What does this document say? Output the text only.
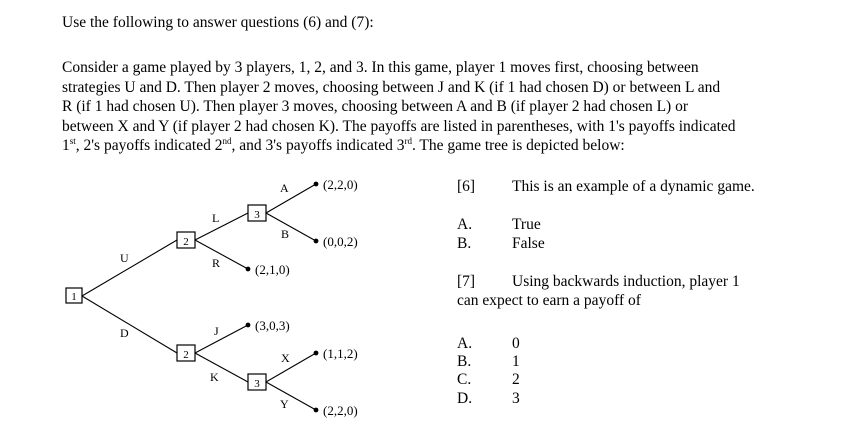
Use the following to answer questions (6) and (7):

Consider a game played by 3 players, 1, 2, and 3. In this game, player 1 moves first, choosing between

strategies U and D. Then player 2 moves, choosing between J and K (if 1 had chosen D) or between L and

R (if 1 had chosen U). Then player 3 moves, choosing between A and B (if player 2 had chosen L) or

between X and Y (if player 2 had chosen K). The payoffs are listed in parentheses, with 1's payoffs indicated

1st, 2's payoffs indicated 2nd, and 3's payoffs indicated 3rd. The game tree is depicted below:

1
2
2
3
3
U
D
L
R
J
K
A
B
X
Y
(2,2,0)
(0,0,2)
(2,1,0)
(3,0,3)
(1,1,2)
(2,2,0)
[6] This is an example of a dynamic game.
A.	True
B.	False
[7] Using backwards induction, player 1
can expect to earn a payoff of
A.	0
B.	1
C.	2
D.	3
